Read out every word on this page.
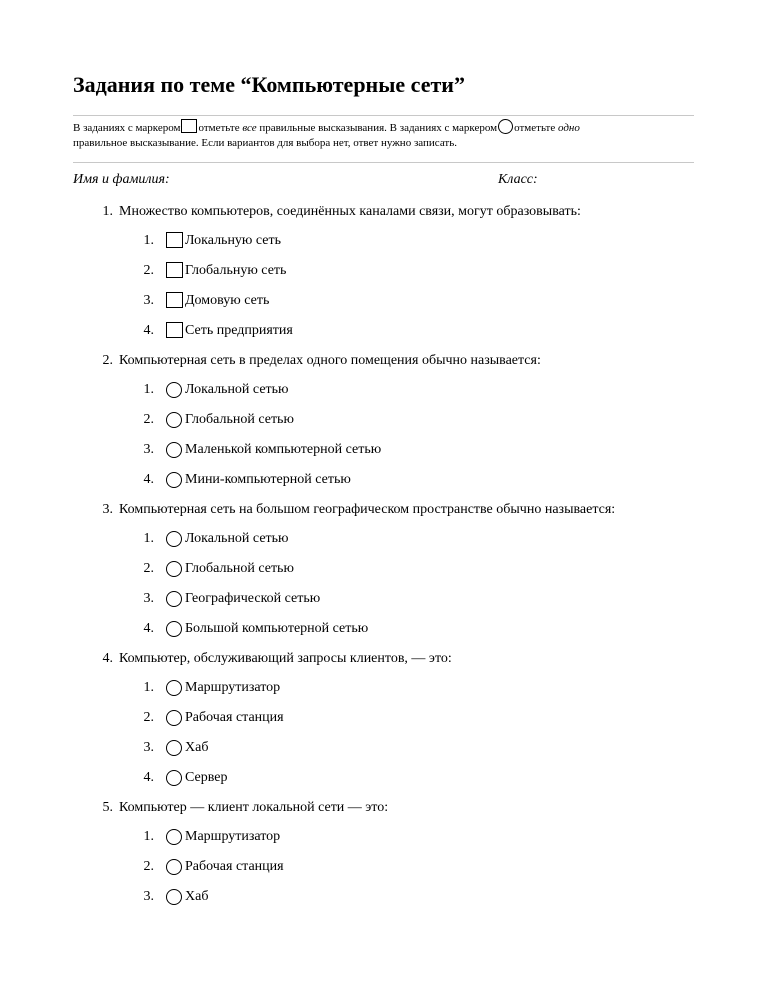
Задания по теме “Компьютерные сети”
В заданиях с маркером отметьте все правильные высказывания. В заданиях с маркером отметьте одно
правильное высказывание. Если вариантов для выбора нет, ответ нужно записать.
Имя и фамилия:	Класс:
1. Множество компьютеров, соединённых каналами связи, могут образовывать:
1. Локальную сеть
2. Глобальную сеть
3. Домовую сеть
4. Сеть предприятия
2. Компьютерная сеть в пределах одного помещения обычно называется:
1. Локальной сетью
2. Глобальной сетью
3. Маленькой компьютерной сетью
4. Мини-компьютерной сетью
3. Компьютерная сеть на большом географическом пространстве обычно называется:
1. Локальной сетью
2. Глобальной сетью
3. Географической сетью
4. Большой компьютерной сетью
4. Компьютер, обслуживающий запросы клиентов, — это:
1. Маршрутизатор
2. Рабочая станция
3. Хаб
4. Сервер
5. Компьютер — клиент локальной сети — это:
1. Маршрутизатор
2. Рабочая станция
3. Хаб
